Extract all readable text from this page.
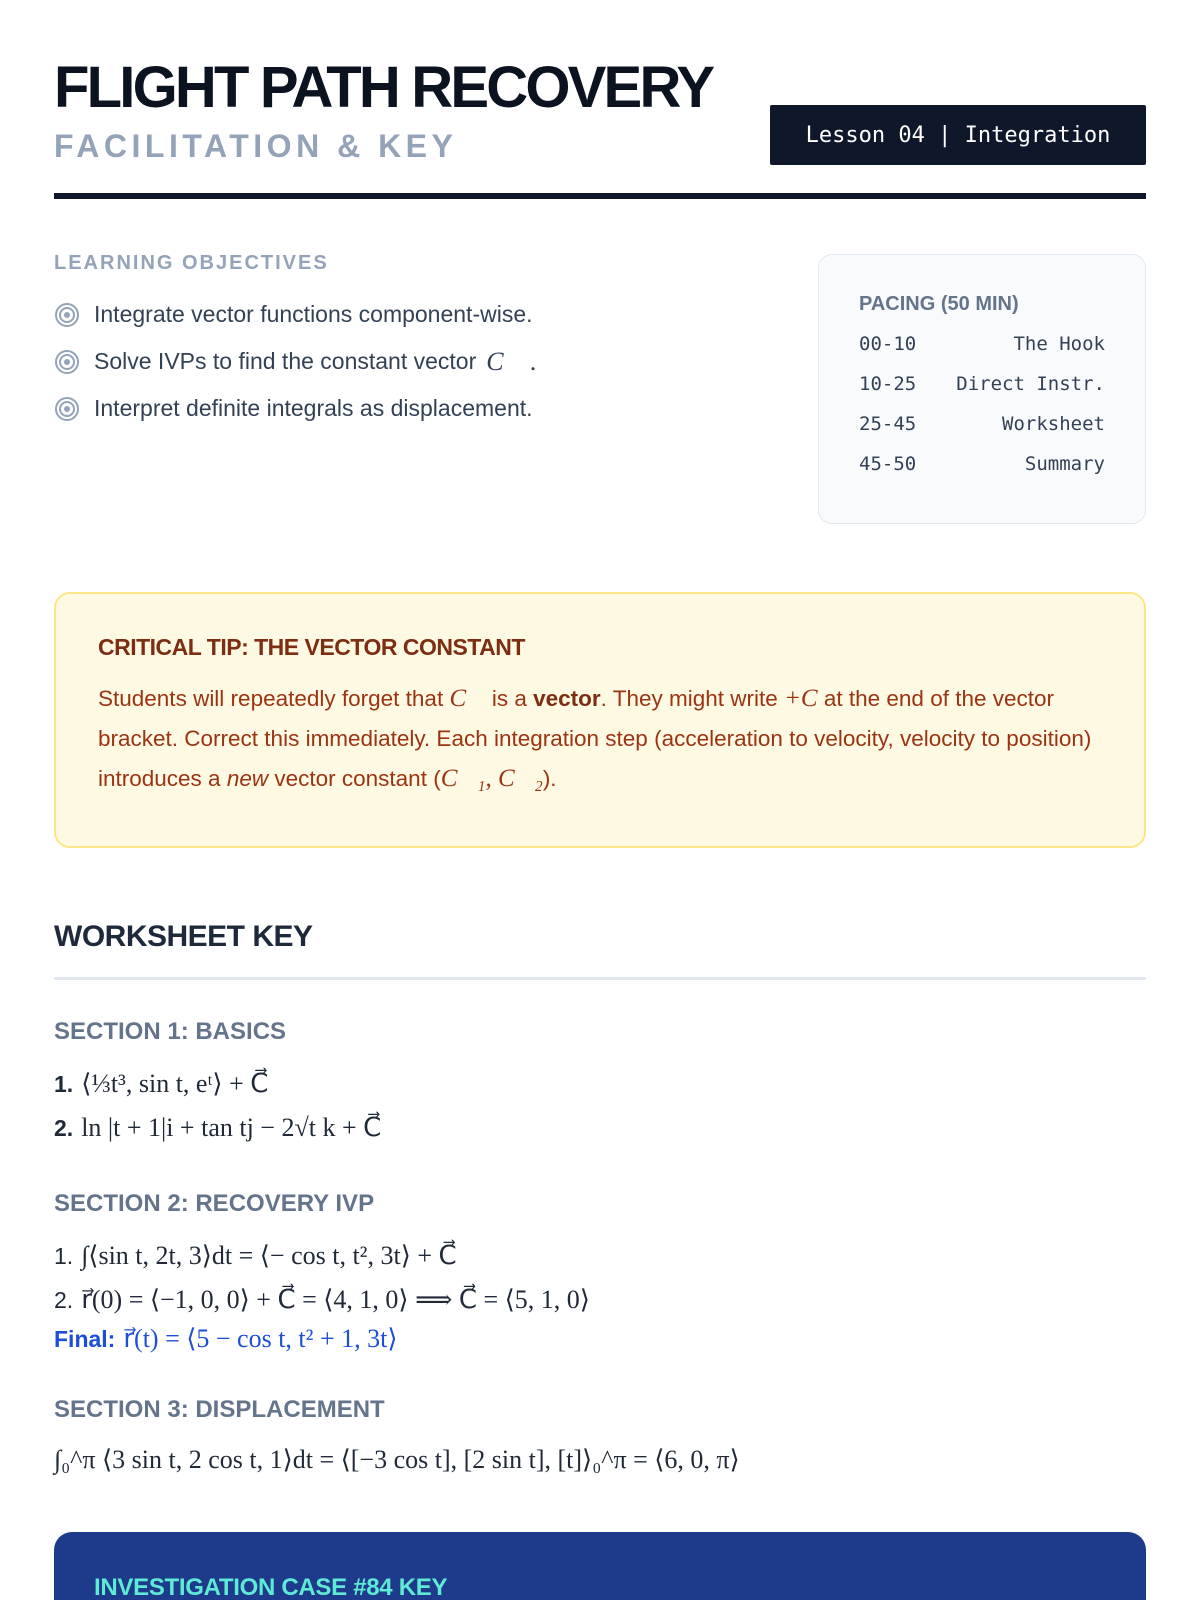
FLIGHT PATH RECOVERY
FACILITATION & KEY	Lesson 04 | Integration
LEARNING OBJECTIVES
Integrate vector functions component-wise.
Solve IVPs to find the constant vector C⃗ .
Interpret definite integrals as displacement.
PACING (50 MIN)
00-10	The Hook
10-25 Direct Instr.
25-45	Worksheet
45-50	Summary
CRITICAL TIP: THE VECTOR CONSTANT
Students will repeatedly forget that C⃗ is a vector. They might write +C at the end of the vector bracket. Correct this immediately. Each integration step (acceleration to velocity, velocity to position) introduces a new vector constant (C⃗₁, C⃗₂).
WORKSHEET KEY
SECTION 1: BASICS
1. ⟨⅓t³, sin t, eᵗ⟩ + C⃗
2. ln |t + 1|i + tan tj − 2√t k + C⃗
SECTION 2: RECOVERY IVP
1. ∫⟨sin t, 2t, 3⟩dt = ⟨− cos t, t², 3t⟩ + C⃗
2. r⃗(0) = ⟨−1, 0, 0⟩ + C⃗ = ⟨4, 1, 0⟩ ⟹ C⃗ = ⟨5, 1, 0⟩
Final: r⃗(t) = ⟨5 − cos t, t² + 1, 3t⟩
SECTION 3: DISPLACEMENT
∫₀^π ⟨3 sin t, 2 cos t, 1⟩dt = ⟨[−3 cos t], [2 sin t], [t]⟩₀^π = ⟨6, 0, π⟩
INVESTIGATION CASE #84 KEY
